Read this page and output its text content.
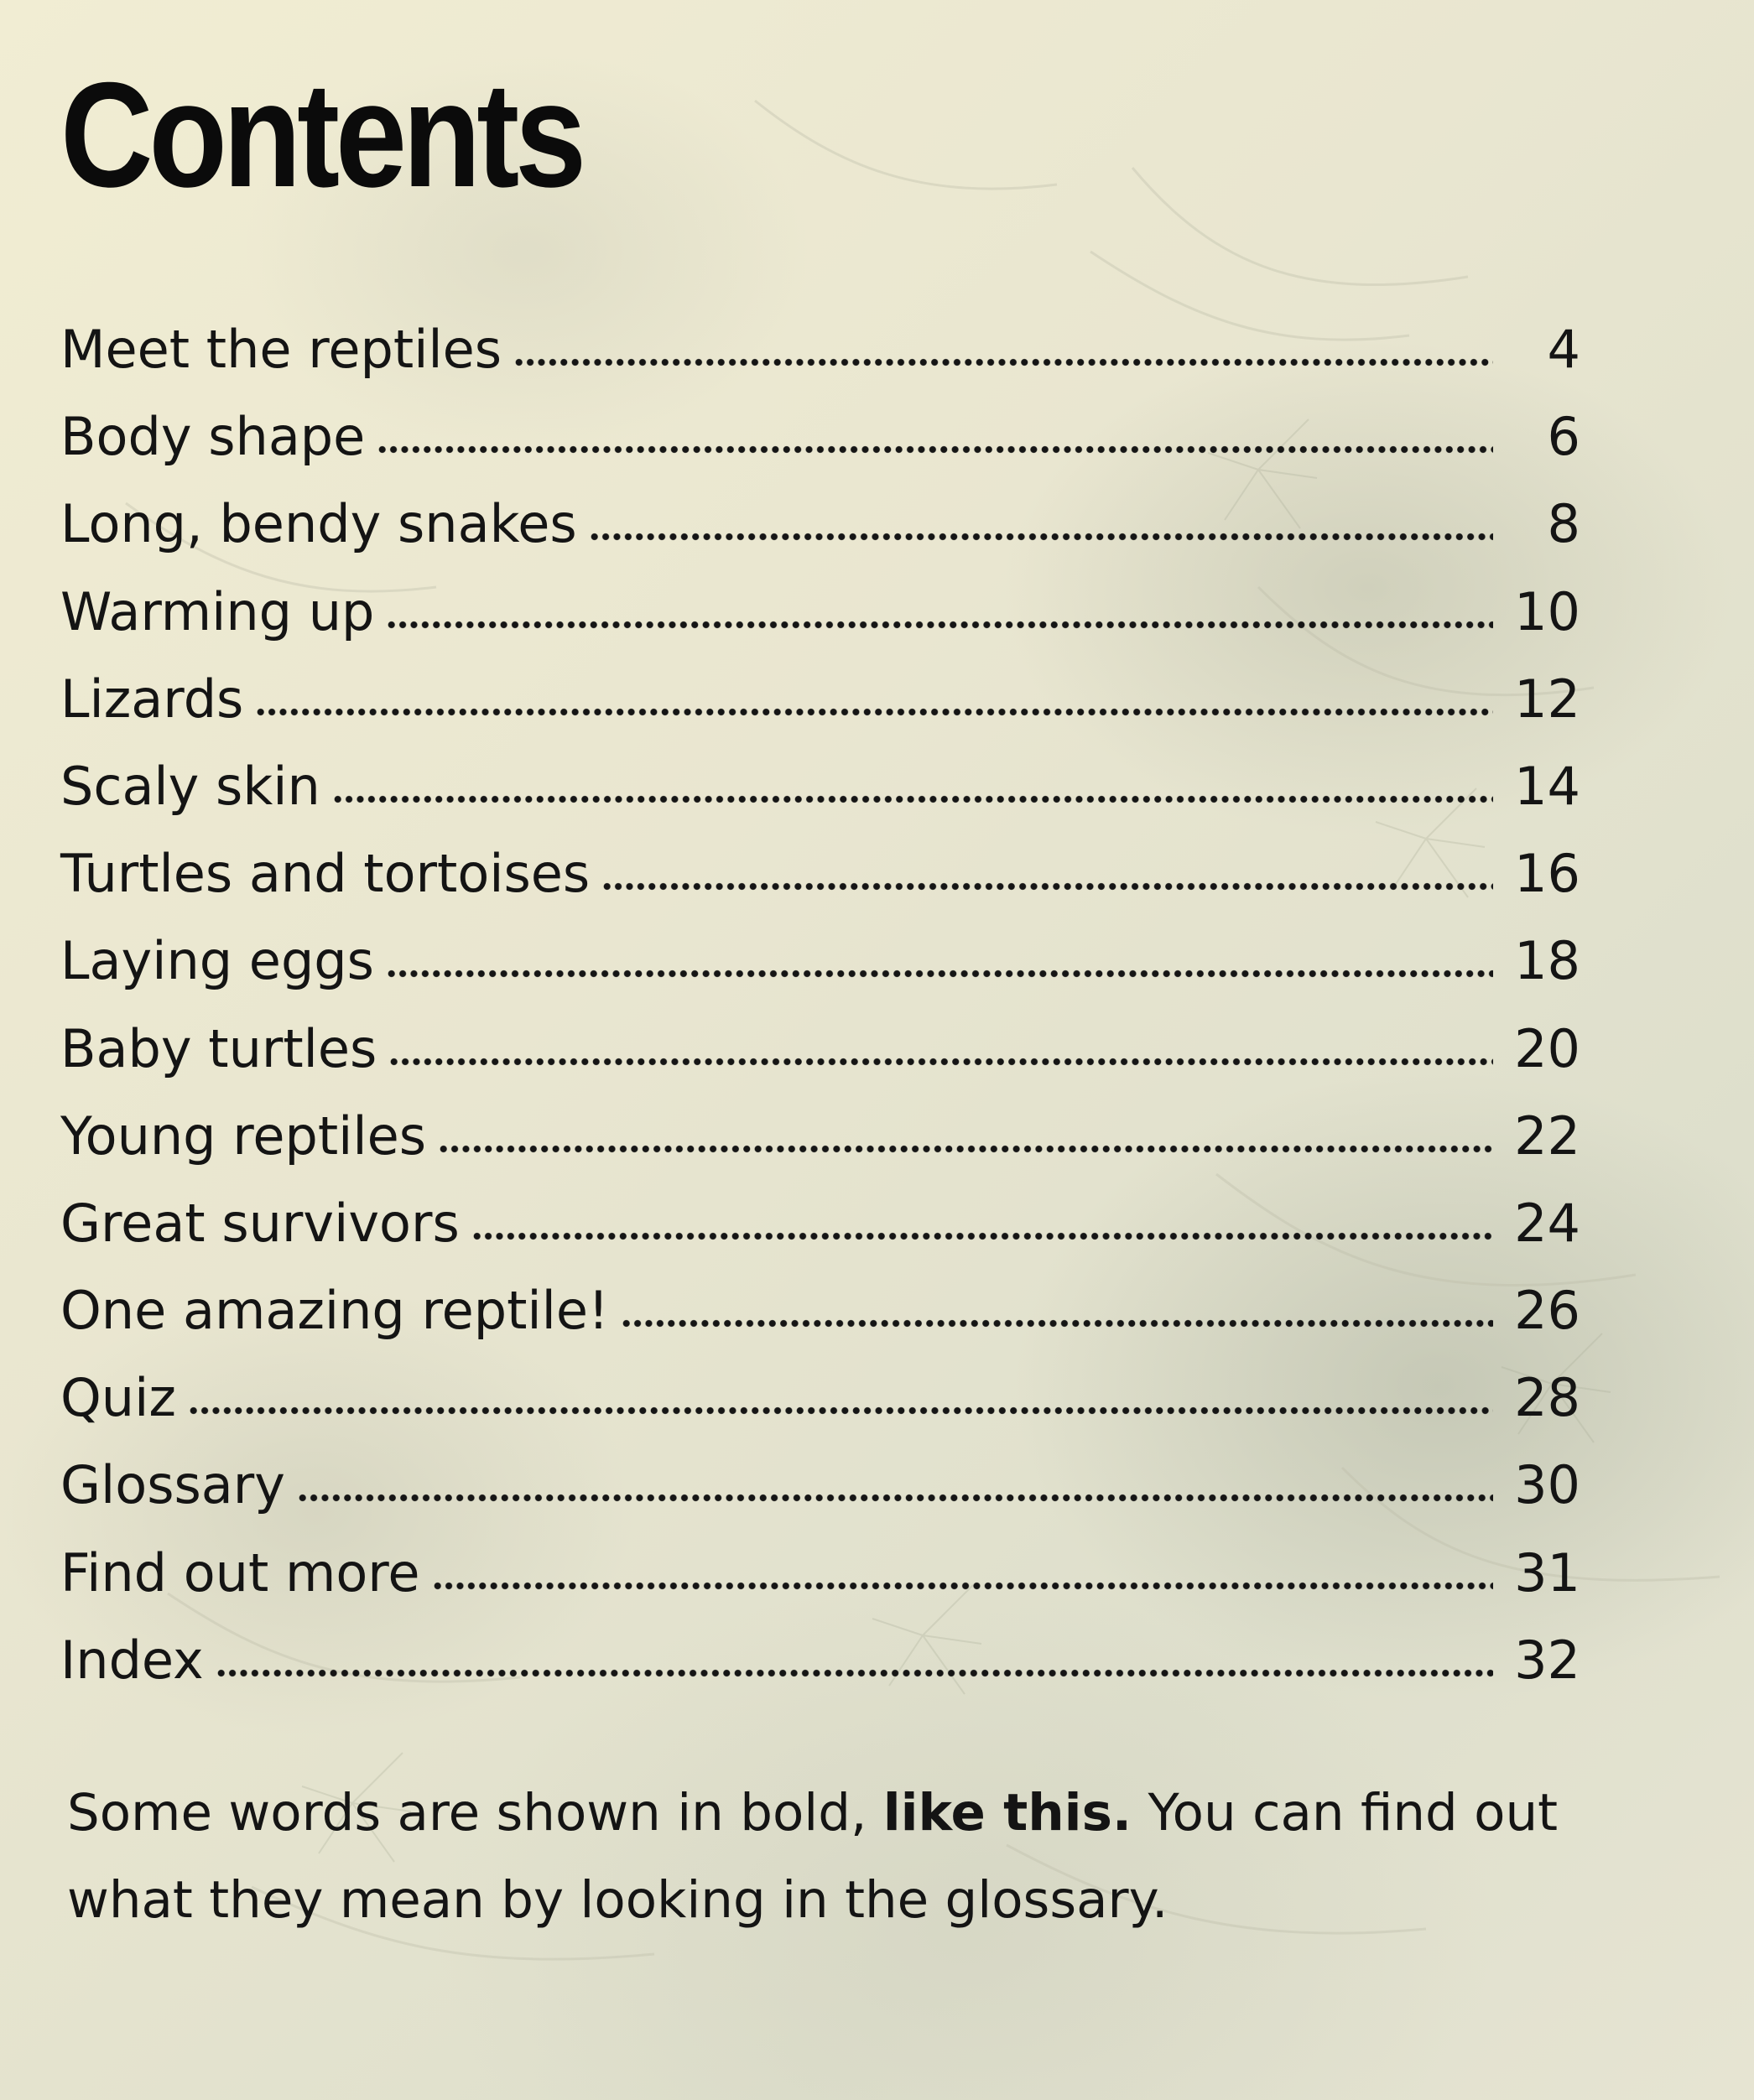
Contents
Meet the reptiles	4
Body shape	6
Long, bendy snakes	8
Warming up	10
Lizards	12
Scaly skin	14
Turtles and tortoises	16
Laying eggs	18
Baby turtles	20
Young reptiles	22
Great survivors	24
One amazing reptile!	26
Quiz	28
Glossary	30
Find out more	31
Index	32

Some words are shown in bold, like this. You can find out what they mean by looking in the glossary.
